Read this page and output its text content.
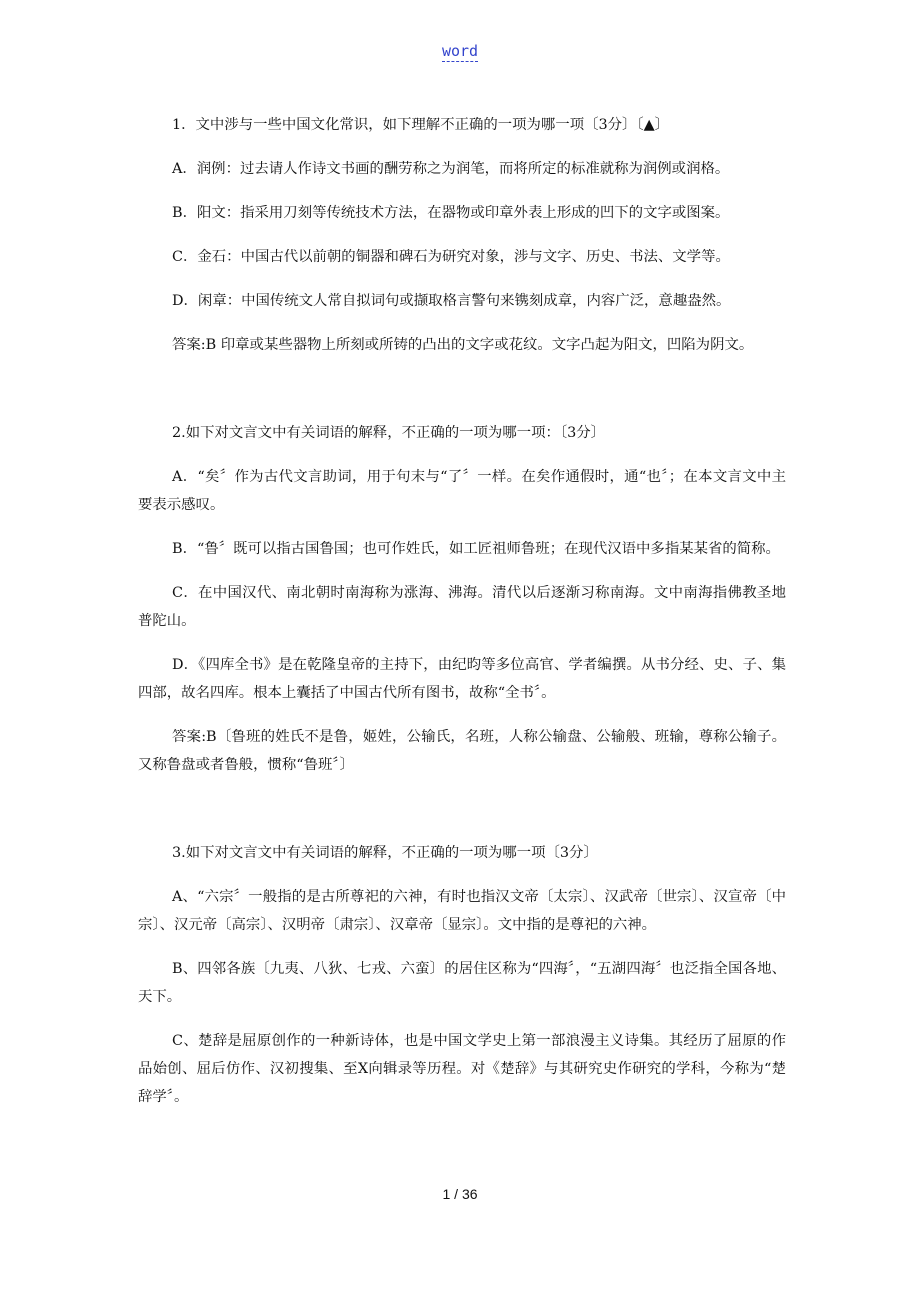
word

1．文中涉与一些中国文化常识，如下理解不正确的一项为哪一项〔3分〕〔▲〕

A．润例：过去请人作诗文书画的酬劳称之为润笔，而将所定的标准就称为润例或润格。

B．阳文：指采用刀刻等传统技术方法，在器物或印章外表上形成的凹下的文字或图案。

C．金石：中国古代以前朝的铜器和碑石为研究对象，涉与文字、历史、书法、文学等。

D．闲章：中国传统文人常自拟词句或撷取格言警句来镌刻成章，内容广泛，意趣盎然。

答案:B 印章或某些器物上所刻或所铸的凸出的文字或花纹。文字凸起为阳文，凹陷为阴文。

2.如下对文言文中有关词语的解释，不正确的一项为哪一项：〔3分〕

A．“矣〞作为古代文言助词，用于句末与“了〞一样。在矣作通假时，通“也〞；在本文言文中主要表示感叹。

B．“鲁〞既可以指古国鲁国；也可作姓氏，如工匠祖师鲁班；在现代汉语中多指某某省的简称。

C．在中国汉代、南北朝时南海称为涨海、沸海。清代以后逐渐习称南海。文中南海指佛教圣地普陀山。

D．《四库全书》是在乾隆皇帝的主持下，由纪昀等多位高官、学者编撰。从书分经、史、子、集四部，故名四库。根本上囊括了中国古代所有图书，故称“全书〞。

答案:B〔鲁班的姓氏不是鲁，姬姓，公输氏，名班，人称公输盘、公输般、班输，尊称公输子。又称鲁盘或者鲁般，惯称“鲁班〞〕

3.如下对文言文中有关词语的解释，不正确的一项为哪一项〔3分〕

A、“六宗〞一般指的是古所尊祀的六神，有时也指汉文帝〔太宗〕、汉武帝〔世宗〕、汉宣帝〔中宗〕、汉元帝〔高宗〕、汉明帝〔肃宗〕、汉章帝〔显宗〕。文中指的是尊祀的六神。

B、四邻各族〔九夷、八狄、七戎、六蛮〕的居住区称为“四海〞，“五湖四海〞也泛指全国各地、天下。

C、楚辞是屈原创作的一种新诗体，也是中国文学史上第一部浪漫主义诗集。其经历了屈原的作品始创、屈后仿作、汉初搜集、至X向辑录等历程。对《楚辞》与其研究史作研究的学科，今称为“楚辞学〞。

1 / 36
